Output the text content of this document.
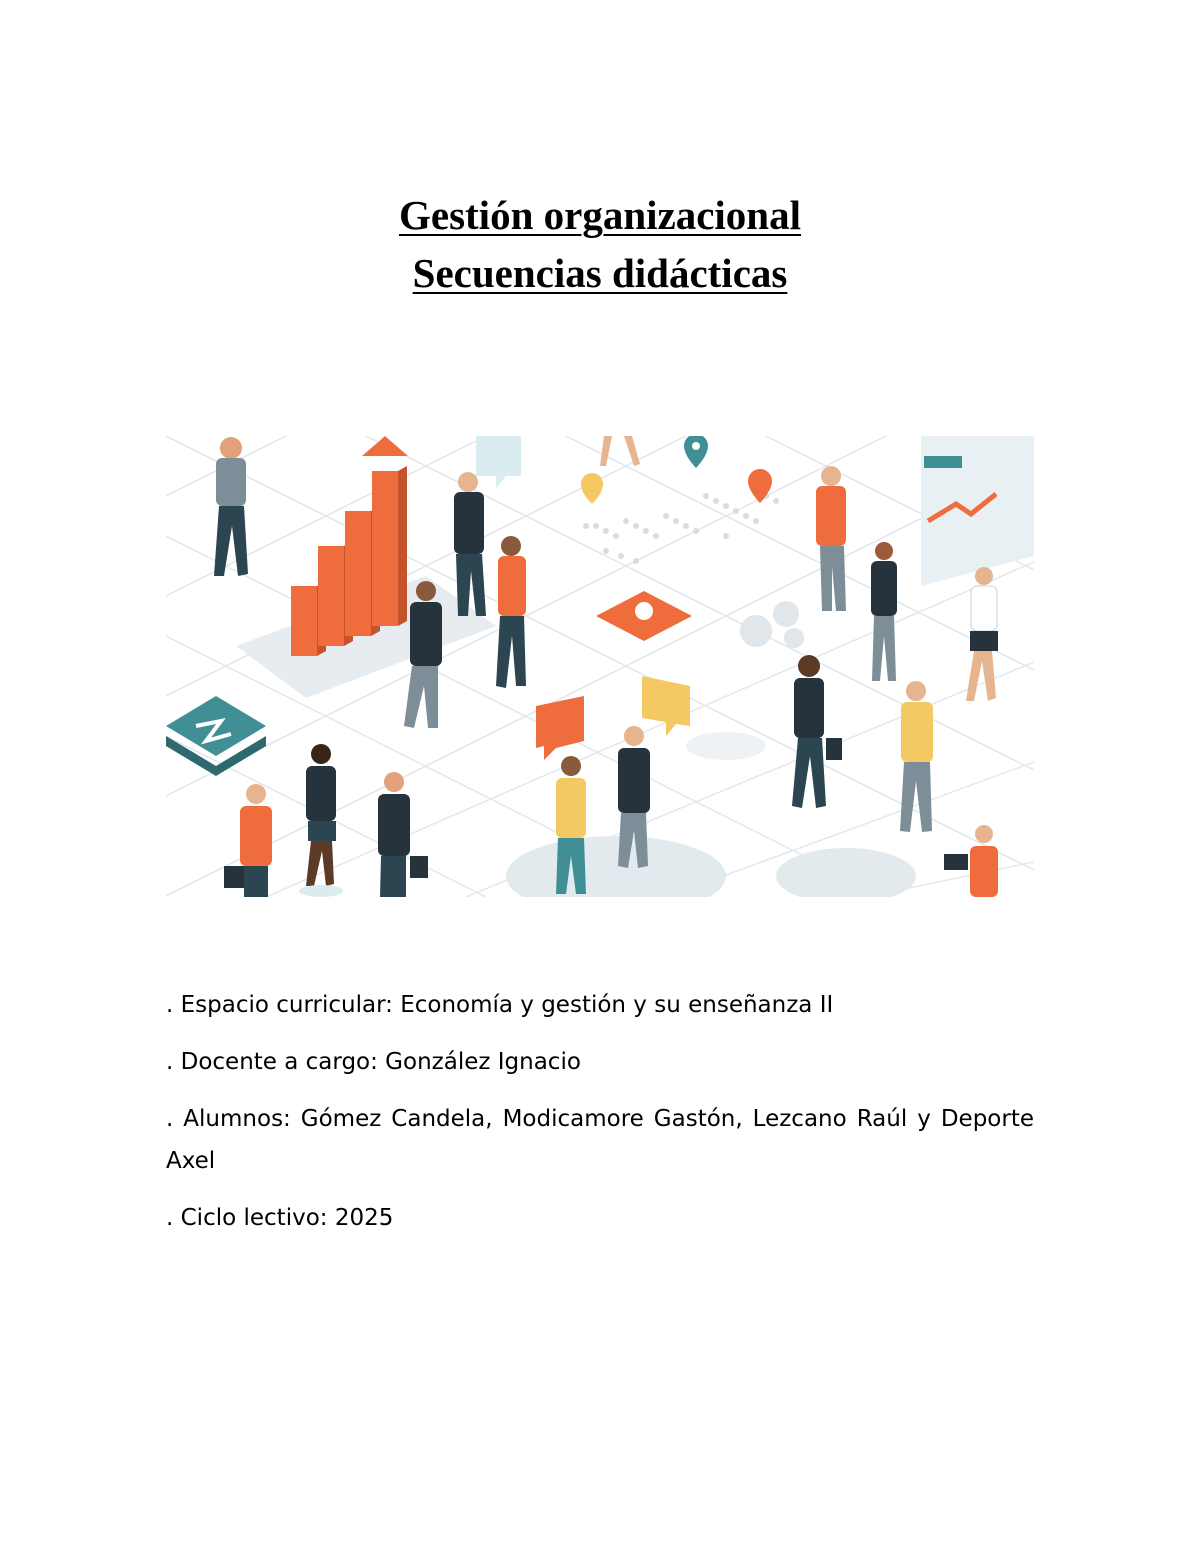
Gestión organizacional
Secuencias didácticas

. Espacio curricular: Economía y gestión y su enseñanza II

. Docente a cargo: González Ignacio

. Alumnos: Gómez Candela, Modicamore Gastón, Lezcano Raúl y Deporte Axel

. Ciclo lectivo: 2025
